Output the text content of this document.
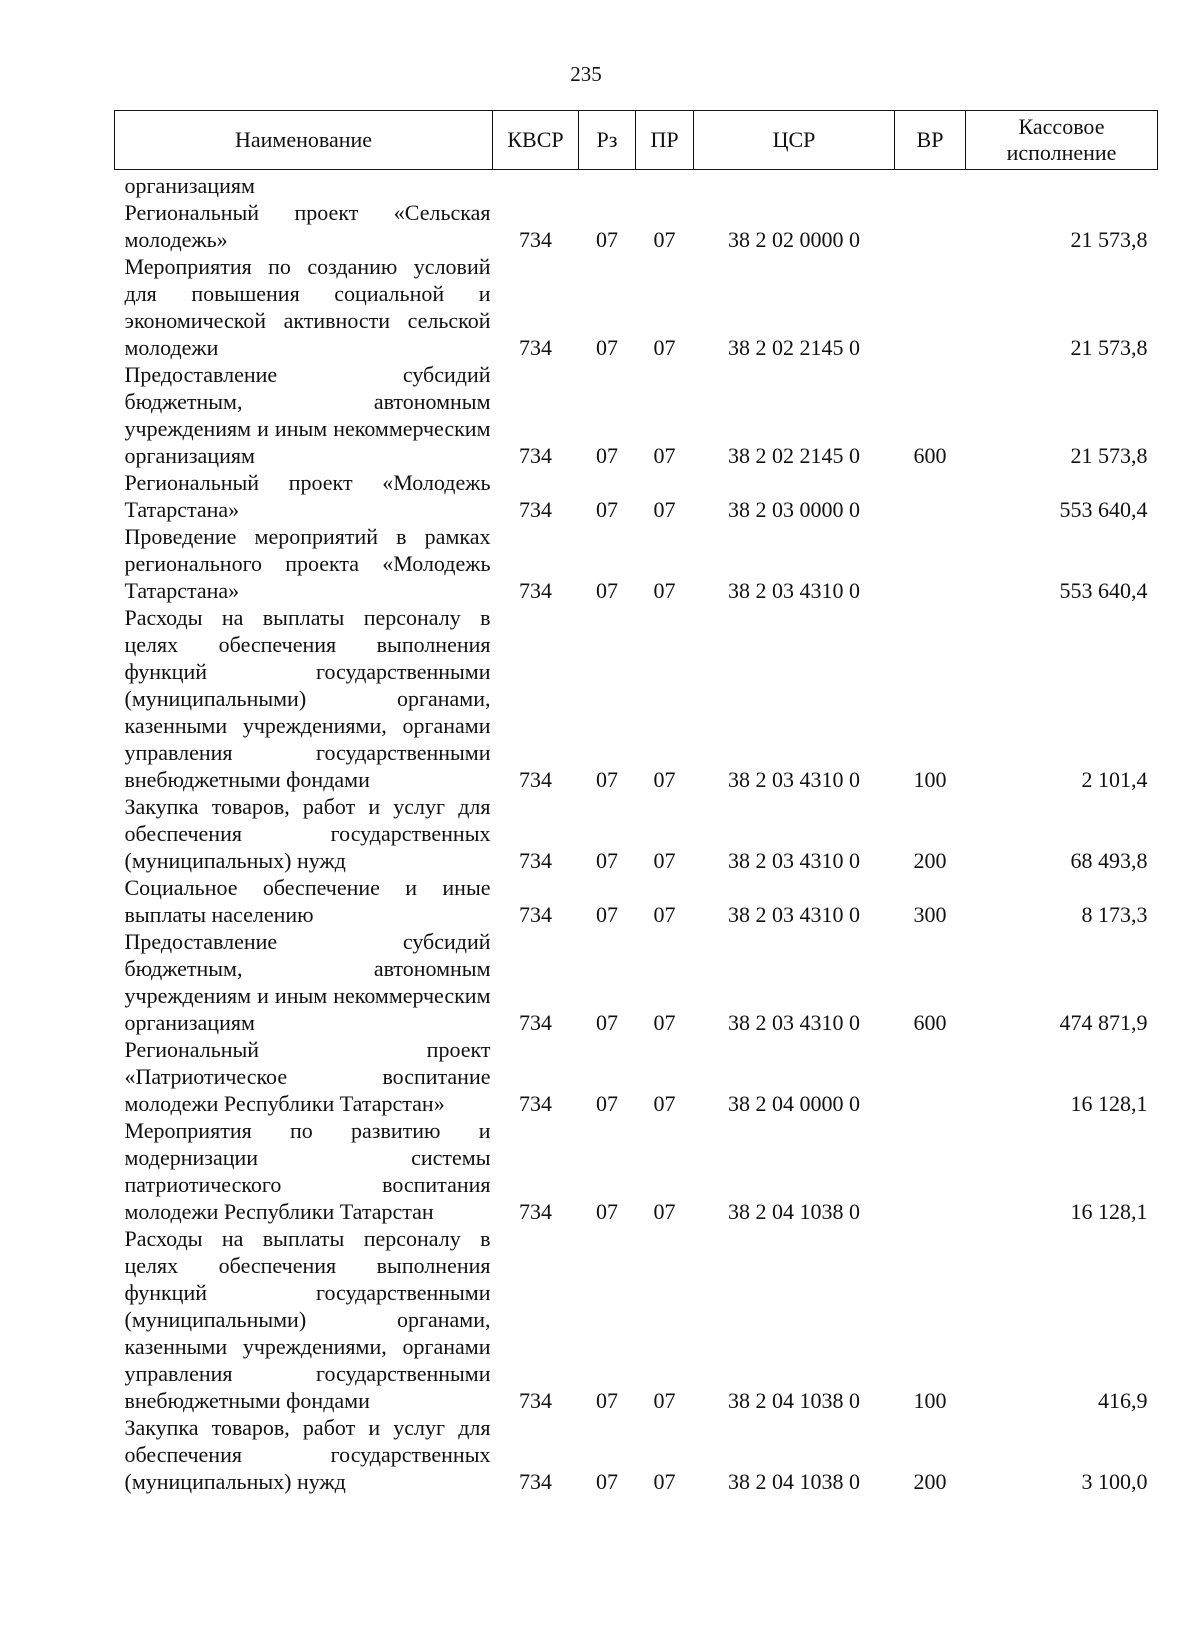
235
Наименование	КВСР	Рз	ПР	ЦСР	ВР	Кассовое исполнение
организациям						
Региональный проект «Сельская молодежь»	734	07	07	38 2 02 0000 0		21 573,8
Мероприятия по созданию условий для повышения социальной и экономической активности сельской молодежи	734	07	07	38 2 02 2145 0		21 573,8
Предоставление субсидий бюджетным, автономным учреждениям и иным некоммерческим организациям	734	07	07	38 2 02 2145 0	600	21 573,8
Региональный проект «Молодежь Татарстана»	734	07	07	38 2 03 0000 0		553 640,4
Проведение мероприятий в рамках регионального проекта «Молодежь Татарстана»	734	07	07	38 2 03 4310 0		553 640,4
Расходы на выплаты персоналу в целях обеспечения выполнения функций государственными (муниципальными) органами, казенными учреждениями, органами управления государственными внебюджетными фондами	734	07	07	38 2 03 4310 0	100	2 101,4
Закупка товаров, работ и услуг для обеспечения государственных (муниципальных) нужд	734	07	07	38 2 03 4310 0	200	68 493,8
Социальное обеспечение и иные выплаты населению	734	07	07	38 2 03 4310 0	300	8 173,3
Предоставление субсидий бюджетным, автономным учреждениям и иным некоммерческим организациям	734	07	07	38 2 03 4310 0	600	474 871,9
Региональный проект «Патриотическое воспитание молодежи Республики Татарстан»	734	07	07	38 2 04 0000 0		16 128,1
Мероприятия по развитию и модернизации системы патриотического воспитания молодежи Республики Татарстан	734	07	07	38 2 04 1038 0		16 128,1
Расходы на выплаты персоналу в целях обеспечения выполнения функций государственными (муниципальными) органами, казенными учреждениями, органами управления государственными внебюджетными фондами	734	07	07	38 2 04 1038 0	100	416,9
Закупка товаров, работ и услуг для обеспечения государственных (муниципальных) нужд	734	07	07	38 2 04 1038 0	200	3 100,0
